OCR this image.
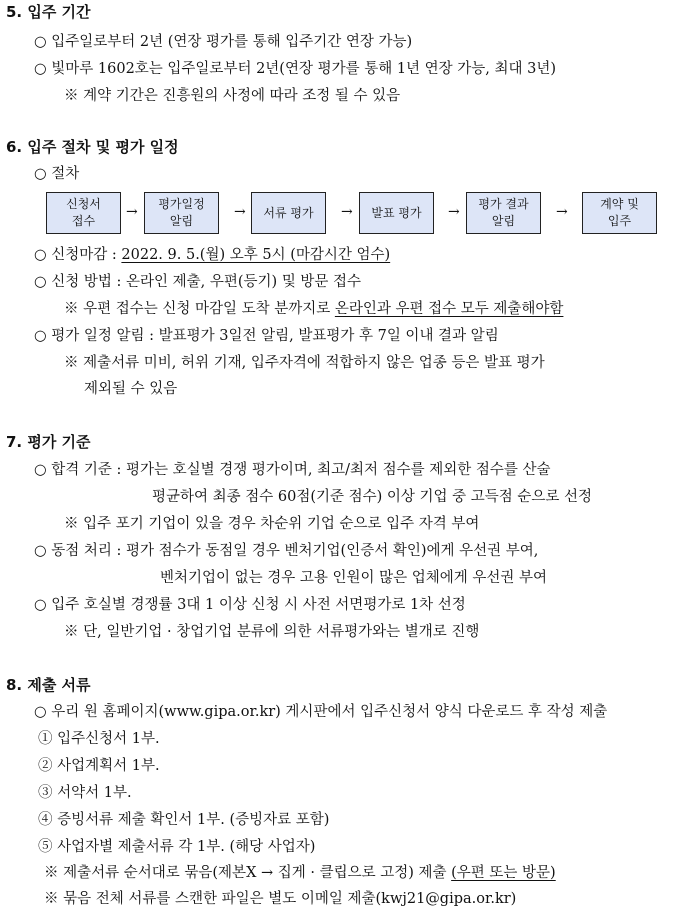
5. 입주 기간
○ 입주일로부터 2년 (연장 평가를 통해 입주기간 연장 가능)
○ 빛마루 1602호는 입주일로부터 2년(연장 평가를 통해 1년 연장 가능, 최대 3년)
※ 계약 기간은 진흥원의 사정에 따라 조정 될 수 있음
6. 입주 절차 및 평가 일정
○ 절차
신청서
접수
→	평가일정
알림
→	서류 평가	→	발표 평가	→	평가 결과
알림
→	계약 및
입주
○ 신청마감 : 2022. 9. 5.(월) 오후 5시 (마감시간 엄수)
○ 신청 방법 : 온라인 제출, 우편(등기) 및 방문 접수
※ 우편 접수는 신청 마감일 도착 분까지로 온라인과 우편 접수 모두 제출해야함
○ 평가 일정 알림 : 발표평가 3일전 알림, 발표평가 후 7일 이내 결과 알림
※ 제출서류 미비, 허위 기재, 입주자격에 적합하지 않은 업종 등은 발표 평가
제외될 수 있음
7. 평가 기준
○ 합격 기준 : 평가는 호실별 경쟁 평가이며, 최고/최저 점수를 제외한 점수를 산술
평균하여 최종 점수 60점(기준 점수) 이상 기업 중 고득점 순으로 선정
※ 입주 포기 기업이 있을 경우 차순위 기업 순으로 입주 자격 부여
○ 동점 처리 : 평가 점수가 동점일 경우 벤처기업(인증서 확인)에게 우선권 부여,
벤처기업이 없는 경우 고용 인원이 많은 업체에게 우선권 부여
○ 입주 호실별 경쟁률 3대 1 이상 신청 시 사전 서면평가로 1차 선정
※ 단, 일반기업 · 창업기업 분류에 의한 서류평가와는 별개로 진행
8. 제출 서류
○ 우리 원 홈페이지(www.gipa.or.kr) 게시판에서 입주신청서 양식 다운로드 후 작성 제출
① 입주신청서 1부.
② 사업계획서 1부.
③ 서약서 1부.
④ 증빙서류 제출 확인서 1부. (증빙자료 포함)
⑤ 사업자별 제출서류 각 1부. (해당 사업자)
※ 제출서류 순서대로 묶음(제본X → 집게 · 클립으로 고정) 제출 (우편 또는 방문)
※ 묶음 전체 서류를 스캔한 파일은 별도 이메일 제출(kwj21@gipa.or.kr)
